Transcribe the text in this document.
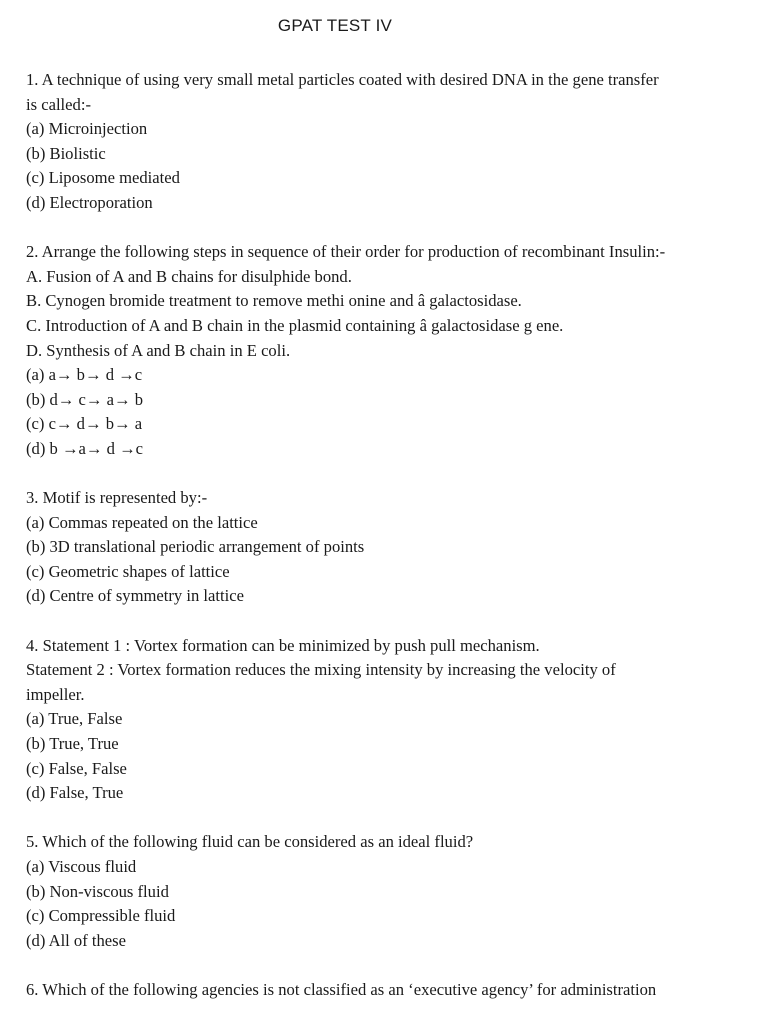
GPAT TEST IV
1. A technique of using very small metal particles coated with desired DNA in the gene transfer
is called:-
(a) Microinjection
(b) Biolistic
(c) Liposome mediated
(d) Electroporation
2. Arrange the following steps in sequence of their order for production of recombinant Insulin:-
A. Fusion of A and B chains for disulphide bond.
B. Cynogen bromide treatment to remove methi onine and â galactosidase.
C. Introduction of A and B chain in the plasmid containing â galactosidase g ene.
D. Synthesis of A and B chain in E coli.
(a) a→ b→ d →c
(b) d→ c→ a→ b
(c) c→ d→ b→ a
(d) b →a→ d →c
3. Motif is represented by:-
(a) Commas repeated on the lattice
(b) 3D translational periodic arrangement of points
(c) Geometric shapes of lattice
(d) Centre of symmetry in lattice
4. Statement 1 : Vortex formation can be minimized by push pull mechanism.
Statement 2 : Vortex formation reduces the mixing intensity by increasing the velocity of
impeller.
(a) True, False
(b) True, True
(c) False, False
(d) False, True
5. Which of the following fluid can be considered as an ideal fluid?
(a) Viscous fluid
(b) Non-viscous fluid
(c) Compressible fluid
(d) All of these
6. Which of the following agencies is not classified as an ‘executive agency’ for administration
